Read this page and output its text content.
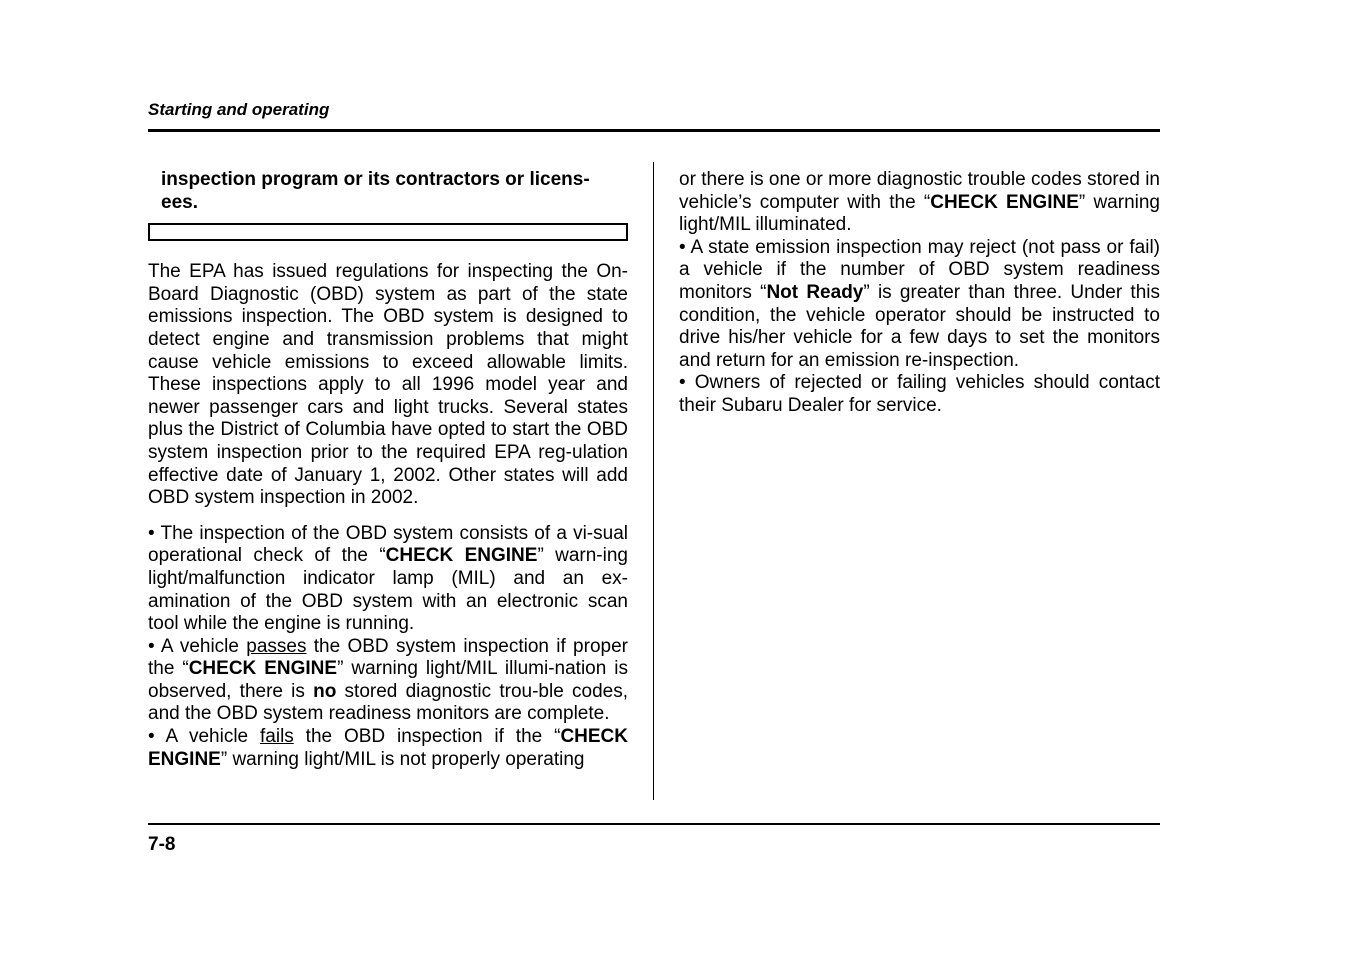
Starting and operating

inspection program or its contractors or licens-ees.

The EPA has issued regulations for inspecting the On-Board Diagnostic (OBD) system as part of the state emissions inspection. The OBD system is designed to detect engine and transmission problems that might cause vehicle emissions to exceed allowable limits. These inspections apply to all 1996 model year and newer passenger cars and light trucks. Several states plus the District of Columbia have opted to start the OBD system inspection prior to the required EPA reg-ulation effective date of January 1, 2002. Other states will add OBD system inspection in 2002.

• The inspection of the OBD system consists of a vi-sual operational check of the “CHECK ENGINE” warn-ing light/malfunction indicator lamp (MIL) and an ex-amination of the OBD system with an electronic scan tool while the engine is running.

• A vehicle passes the OBD system inspection if proper the “CHECK ENGINE” warning light/MIL illumi-nation is observed, there is no stored diagnostic trou-ble codes, and the OBD system readiness monitors are complete.

• A vehicle fails the OBD inspection if the “CHECK ENGINE” warning light/MIL is not properly operating

or there is one or more diagnostic trouble codes stored in vehicle’s computer with the “CHECK ENGINE” warning light/MIL illuminated.

• A state emission inspection may reject (not pass or fail) a vehicle if the number of OBD system readiness monitors “Not Ready” is greater than three. Under this condition, the vehicle operator should be instructed to drive his/her vehicle for a few days to set the monitors and return for an emission re-inspection.

• Owners of rejected or failing vehicles should contact their Subaru Dealer for service.

7-8
